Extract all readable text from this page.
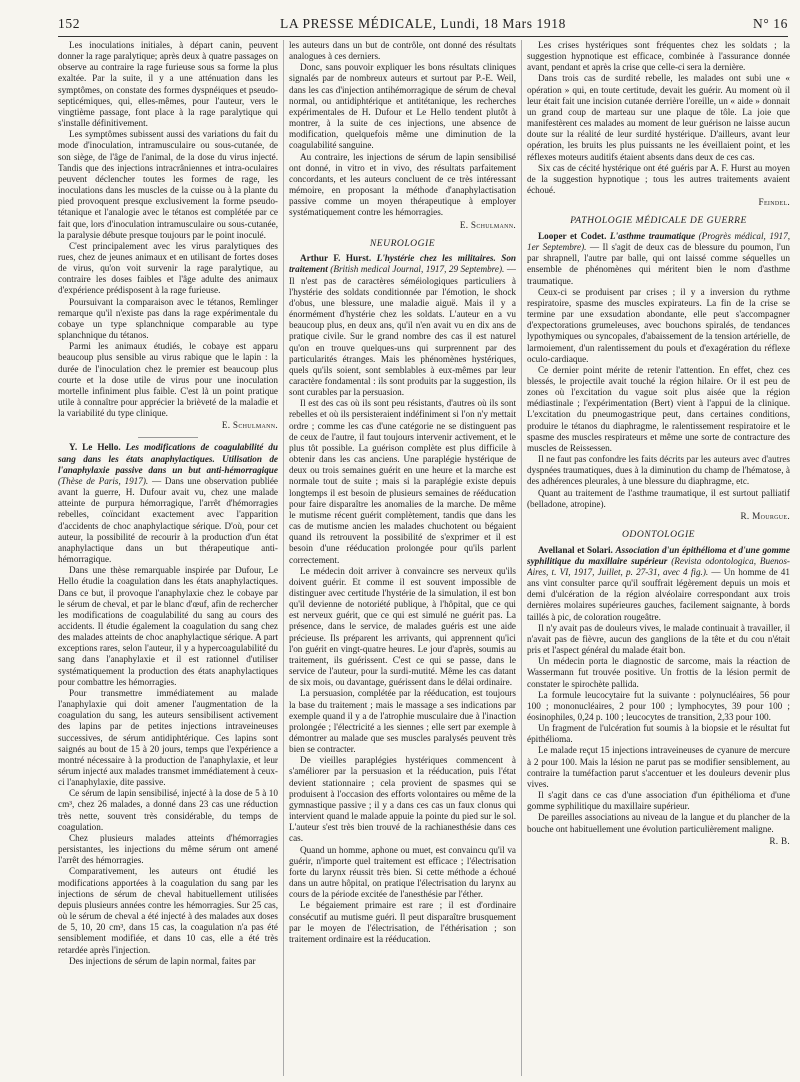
152	LA PRESSE MÉDICALE, Lundi, 18 Mars 1918	N° 16

Les inoculations initiales, à départ canin, peuvent donner la rage paralytique; après deux à quatre passages on observe au contraire la rage furieuse sous sa forme la plus exaltée. Par la suite, il y a une atténuation dans les symptômes, on constate des formes dyspnéiques et pseudo-septicémiques, qui, elles-mêmes, pour l'auteur, vers le vingtième passage, font place à la rage paralytique qui s'installe définitivement.

Les symptômes subissent aussi des variations du fait du mode d'inoculation, intramusculaire ou sous-cutanée, de son siège, de l'âge de l'animal, de la dose du virus injecté. Tandis que des injections intracrâniennes et intra-oculaires peuvent déclencher toutes les formes de rage, les inoculations dans les muscles de la cuisse ou à la plante du pied provoquent presque exclusivement la forme pseudo-tétanique et l'analogie avec le tétanos est complétée par ce fait que, lors d'inoculation intramusculaire ou sous-cutanée, la paralysie débute presque toujours par le point inoculé.

C'est principalement avec les virus paralytiques des rues, chez de jeunes animaux et en utilisant de fortes doses de virus, qu'on voit survenir la rage paralytique, au contraire les doses faibles et l'âge adulte des animaux d'expérience prédisposent à la rage furieuse.

Poursuivant la comparaison avec le tétanos, Remlinger remarque qu'il n'existe pas dans la rage expérimentale du cobaye un type splanchnique comparable au type splanchnique du tétanos.

Parmi les animaux étudiés, le cobaye est apparu beaucoup plus sensible au virus rabique que le lapin : la durée de l'inoculation chez le premier est beaucoup plus courte et la dose utile de virus pour une inoculation mortelle infiniment plus faible. C'est là un point pratique utile à connaître pour apprécier la brièveté de la maladie et la variabilité du type clinique.

E. Schulmann.

Y. Le Hello. Les modifications de coagulabilité du sang dans les états anaphylactiques. Utilisation de l'anaphylaxie passive dans un but anti-hémorragique (Thèse de Paris, 1917). — Dans une observation publiée avant la guerre, H. Dufour avait vu, chez une malade atteinte de purpura hémorragique, l'arrêt d'hémorragies rebelles, coïncidant exactement avec l'apparition d'accidents de choc anaphylactique sérique. D'où, pour cet auteur, la possibilité de recourir à la production d'un état anaphylactique dans un but thérapeutique anti-hémorragique.

Dans une thèse remarquable inspirée par Dufour, Le Hello étudie la coagulation dans les états anaphylactiques. Dans ce but, il provoque l'anaphylaxie chez le cobaye par le sérum de cheval, et par le blanc d'œuf, afin de rechercher les modifications de coagulabilité du sang au cours des accidents. Il étudie également la coagulation du sang chez des malades atteints de choc anaphylactique sérique. A part exceptions rares, selon l'auteur, il y a hypercoagulabilité du sang dans l'anaphylaxie et il est rationnel d'utiliser systématiquement la production des états anaphylactiques pour combattre les hémorragies.

Pour transmettre immédiatement au malade l'anaphylaxie qui doit amener l'augmentation de la coagulation du sang, les auteurs sensibilisent activement des lapins par de petites injections intraveineuses successives, de sérum antidiphtérique. Ces lapins sont saignés au bout de 15 à 20 jours, temps que l'expérience a montré nécessaire à la production de l'anaphylaxie, et leur sérum injecté aux malades transmet immédiatement à ceux-ci l'anaphylaxie, dite passive.

Ce sérum de lapin sensibilisé, injecté à la dose de 5 à 10 cm³, chez 26 malades, a donné dans 23 cas une réduction très nette, souvent très considérable, du temps de coagulation.

Chez plusieurs malades atteints d'hémorragies persistantes, les injections du même sérum ont amené l'arrêt des hémorragies.

Comparativement, les auteurs ont étudié les modifications apportées à la coagulation du sang par les injections de sérum de cheval habituellement utilisées depuis plusieurs années contre les hémorragies. Sur 25 cas, où le sérum de cheval a été injecté à des malades aux doses de 5, 10, 20 cm³, dans 15 cas, la coagulation n'a pas été sensiblement modifiée, et dans 10 cas, elle a été très retardée après l'injection.

Des injections de sérum de lapin normal, faites par

les auteurs dans un but de contrôle, ont donné des résultats analogues à ces derniers.

Donc, sans pouvoir expliquer les bons résultats cliniques signalés par de nombreux auteurs et surtout par P.-E. Weil, dans les cas d'injection antihémorragique de sérum de cheval normal, ou antidiphtérique et antitétanique, les recherches expérimentales de H. Dufour et Le Hello tendent plutôt à montrer, à la suite de ces injections, une absence de modification, quelquefois même une diminution de la coagulabilité sanguine.

Au contraire, les injections de sérum de lapin sensibilisé ont donné, in vitro et in vivo, des résultats parfaitement concordants, et les auteurs concluent de ce très intéressant mémoire, en proposant la méthode d'anaphylactisation passive comme un moyen thérapeutique à employer systématiquement contre les hémorragies.

E. Schulmann.

NEUROLOGIE

Arthur F. Hurst. L'hystérie chez les militaires. Son traitement (British medical Journal, 1917, 29 Septembre). — Il n'est pas de caractères séméiologiques particuliers à l'hystérie des soldats conditionnée par l'émotion, le shock d'obus, une blessure, une maladie aiguë. Mais il y a énormément d'hystérie chez les soldats. L'auteur en a vu beaucoup plus, en deux ans, qu'il n'en avait vu en dix ans de pratique civile. Sur le grand nombre des cas il est naturel qu'on en trouve quelques-uns qui surprennent par des particularités étranges. Mais les phénomènes hystériques, quels qu'ils soient, sont semblables à eux-mêmes par leur caractère fondamental : ils sont produits par la suggestion, ils sont curables par la persuasion.

Il est des cas où ils sont peu résistants, d'autres où ils sont rebelles et où ils persisteraient indéfiniment si l'on n'y mettait ordre ; comme les cas d'une catégorie ne se distinguent pas de ceux de l'autre, il faut toujours intervenir activement, et le plus tôt possible. La guérison complète est plus difficile à obtenir dans les cas anciens. Une paraplégie hystérique de deux ou trois semaines guérit en une heure et la marche est normale tout de suite ; mais si la paraplégie existe depuis longtemps il est besoin de plusieurs semaines de rééducation pour faire disparaître les anomalies de la marche. De même le mutisme récent guérit complètement, tandis que dans les cas de mutisme ancien les malades chuchotent ou bégaient quand ils retrouvent la possibilité de s'exprimer et il est besoin d'une rééducation prolongée pour qu'ils parlent correctement.

Le médecin doit arriver à convaincre ses nerveux qu'ils doivent guérir. Et comme il est souvent impossible de distinguer avec certitude l'hystérie de la simulation, il est bon qu'il devienne de notoriété publique, à l'hôpital, que ce qui est nerveux guérit, que ce qui est simulé ne guérit pas. La présence, dans le service, de malades guéris est une aide précieuse. Ils préparent les arrivants, qui apprennent qu'ici l'on guérit en vingt-quatre heures. Le jour d'après, soumis au traitement, ils guérissent. C'est ce qui se passe, dans le service de l'auteur, pour la surdi-mutité. Même les cas datant de six mois, ou davantage, guérissent dans le délai ordinaire.

La persuasion, complétée par la rééducation, est toujours la base du traitement ; mais le massage a ses indications par exemple quand il y a de l'atrophie musculaire due à l'inaction prolongée ; l'électricité a les siennes ; elle sert par exemple à démontrer au malade que ses muscles paralysés peuvent très bien se contracter.

De vieilles paraplégies hystériques commencent à s'améliorer par la persuasion et la rééducation, puis l'état devient stationnaire ; cela provient de spasmes qui se produisent à l'occasion des efforts volontaires ou même de la gymnastique passive ; il y a dans ces cas un faux clonus qui intervient quand le malade appuie la pointe du pied sur le sol. L'auteur s'est très bien trouvé de la rachianesthésie dans ces cas.

Quand un homme, aphone ou muet, est convaincu qu'il va guérir, n'importe quel traitement est efficace ; l'électrisation forte du larynx réussit très bien. Si cette méthode a échoué dans un autre hôpital, on pratique l'électrisation du larynx au cours de la période excitée de l'anesthésie par l'éther.

Le bégaiement primaire est rare ; il est d'ordinaire consécutif au mutisme guéri. Il peut disparaître brusquement par le moyen de l'électrisation, de l'éthérisation ; son traitement ordinaire est la rééducation.

Les crises hystériques sont fréquentes chez les soldats ; la suggestion hypnotique est efficace, combinée à l'assurance donnée avant, pendant et après la crise que celle-ci sera la dernière.

Dans trois cas de surdité rebelle, les malades ont subi une « opération » qui, en toute certitude, devait les guérir. Au moment où il leur était fait une incision cutanée derrière l'oreille, un « aide » donnait un grand coup de marteau sur une plaque de tôle. La joie que manifestèrent ces malades au moment de leur guérison ne laisse aucun doute sur la réalité de leur surdité hystérique. D'ailleurs, avant leur opération, les bruits les plus puissants ne les éveillaient point, et les réflexes moteurs auditifs étaient absents dans deux de ces cas.

Six cas de cécité hystérique ont été guéris par A. F. Hurst au moyen de la suggestion hypnotique ; tous les autres traitements avaient échoué.

Feindel.

PATHOLOGIE MÉDICALE DE GUERRE

Looper et Codet. L'asthme traumatique (Progrès médical, 1917, 1er Septembre). — Il s'agit de deux cas de blessure du poumon, l'un par shrapnell, l'autre par balle, qui ont laissé comme séquelles un ensemble de phénomènes qui méritent bien le nom d'asthme traumatique.

Ceux-ci se produisent par crises ; il y a inversion du rythme respiratoire, spasme des muscles expirateurs. La fin de la crise se termine par une exsudation abondante, elle peut s'accompagner d'expectorations grumeleuses, avec bouchons spiralés, de tendances lypothymiques ou syncopales, d'abaissement de la tension artérielle, de larmoiement, d'un ralentissement du pouls et d'exagération du réflexe oculo-cardiaque.

Ce dernier point mérite de retenir l'attention. En effet, chez ces blessés, le projectile avait touché la région hilaire. Or il est peu de zones où l'excitation du vague soit plus aisée que la région médiastinale ; l'expérimentation (Bert) vient à l'appui de la clinique. L'excitation du pneumogastrique peut, dans certaines conditions, produire le tétanos du diaphragme, le ralentissement respiratoire et le spasme des muscles respirateurs et même une sorte de contracture des muscles de Reissessen.

Il ne faut pas confondre les faits décrits par les auteurs avec d'autres dyspnées traumatiques, dues à la diminution du champ de l'hématose, à des adhérences pleurales, à une blessure du diaphragme, etc.

Quant au traitement de l'asthme traumatique, il est surtout palliatif (belladone, atropine).

R. Mourgue.

ODONTOLOGIE

Avellanal et Solari. Association d'un épithélioma et d'une gomme syphilitique du maxillaire supérieur (Revista odontologica, Buenos-Aires, t. VI, 1917, Juillet, p. 27-31, avec 4 fig.). — Un homme de 41 ans vint consulter parce qu'il souffrait légèrement depuis un mois et demi d'ulcération de la région alvéolaire correspondant aux trois dernières molaires supérieures gauches, facilement saignante, à bords taillés à pic, de coloration rougeâtre.

Il n'y avait pas de douleurs vives, le malade continuait à travailler, il n'avait pas de fièvre, aucun des ganglions de la tête et du cou n'était pris et l'aspect général du malade était bon.

Un médecin porta le diagnostic de sarcome, mais la réaction de Wassermann fut trouvée positive. Un frottis de la lésion permit de constater le spirochète pallida.

La formule leucocytaire fut la suivante : polynucléaires, 56 pour 100 ; mononucléaires, 2 pour 100 ; lymphocytes, 39 pour 100 ; éosinophiles, 0,24 p. 100 ; leucocytes de transition, 2,33 pour 100.

Un fragment de l'ulcération fut soumis à la biopsie et le résultat fut épithélioma.

Le malade reçut 15 injections intraveineuses de cyanure de mercure à 2 pour 100. Mais la lésion ne parut pas se modifier sensiblement, au contraire la tuméfaction parut s'accentuer et les douleurs devenir plus vives.

Il s'agit dans ce cas d'une association d'un épithélioma et d'une gomme syphilitique du maxillaire supérieur.

De pareilles associations au niveau de la langue et du plancher de la bouche ont habituellement une évolution particulièrement maligne.

R. B.
